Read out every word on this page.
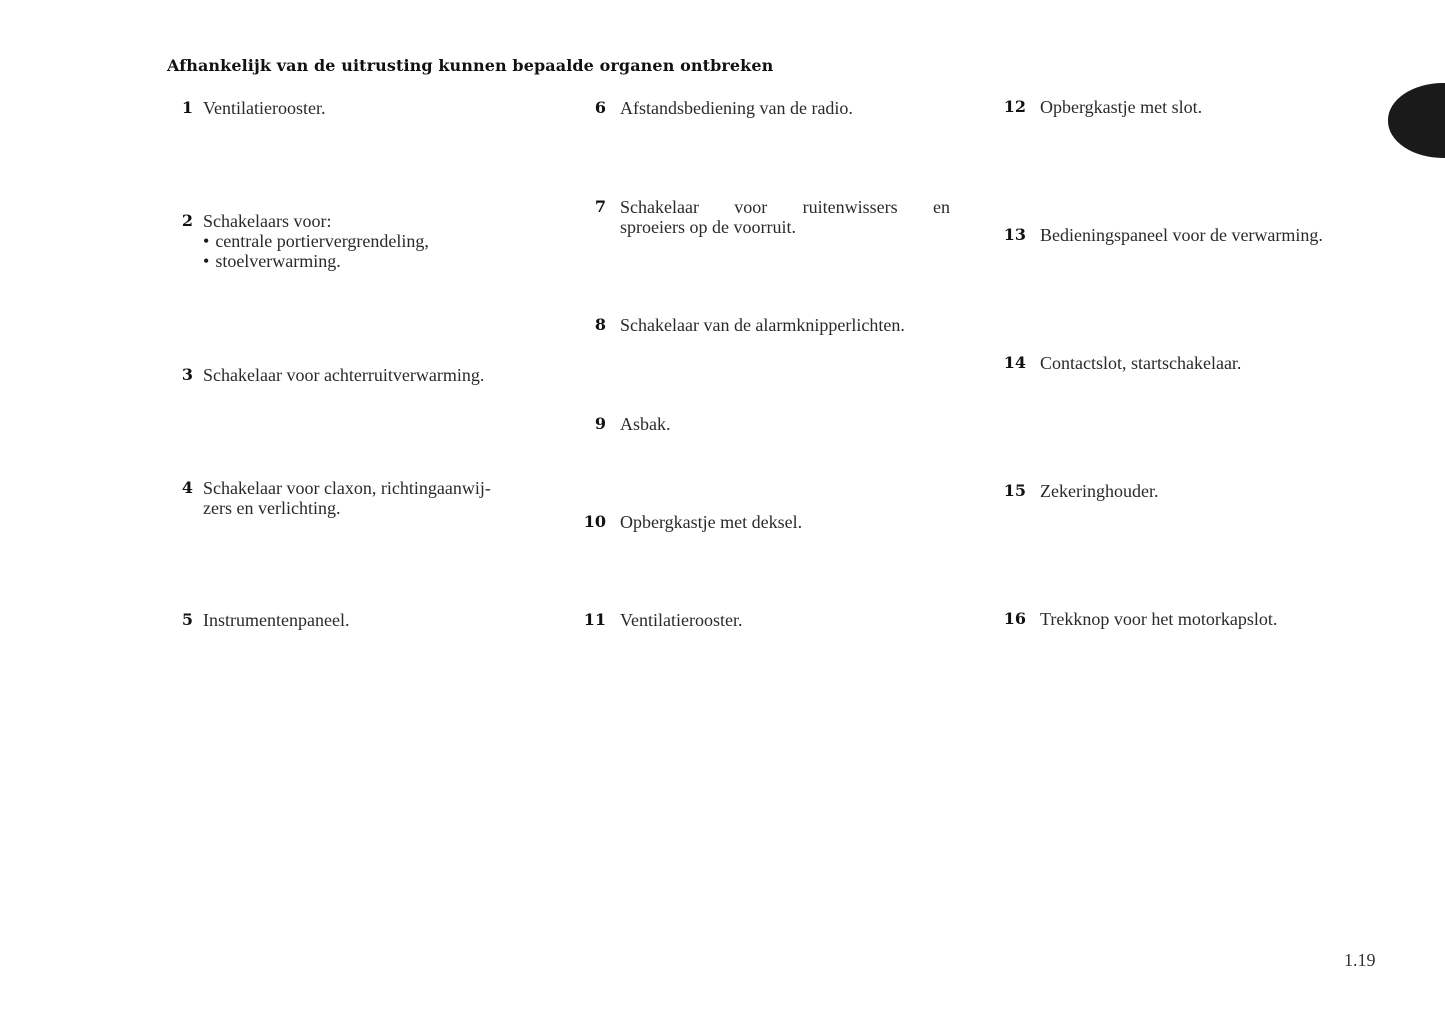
Afhankelijk van de uitrusting kunnen bepaalde organen ontbreken
1 Ventilatierooster.
2 Schakelaars voor:
• centrale portiervergrendeling,
• stoelverwarming.
3 Schakelaar voor achterruitverwarming.
4 Schakelaar voor claxon, richtingaanwij-
zers en verlichting.
5 Instrumentenpaneel.
6 Afstandsbediening van de radio.
7 Schakelaar voor ruitenwissers en
sproeiers op de voorruit.
8 Schakelaar van de alarmknipperlichten.
9 Asbak.
10 Opbergkastje met deksel.
11 Ventilatierooster.
12 Opbergkastje met slot.
13 Bedieningspaneel voor de verwarming.
14 Contactslot, startschakelaar.
15 Zekeringhouder.
16 Trekknop voor het motorkapslot.
1.19
